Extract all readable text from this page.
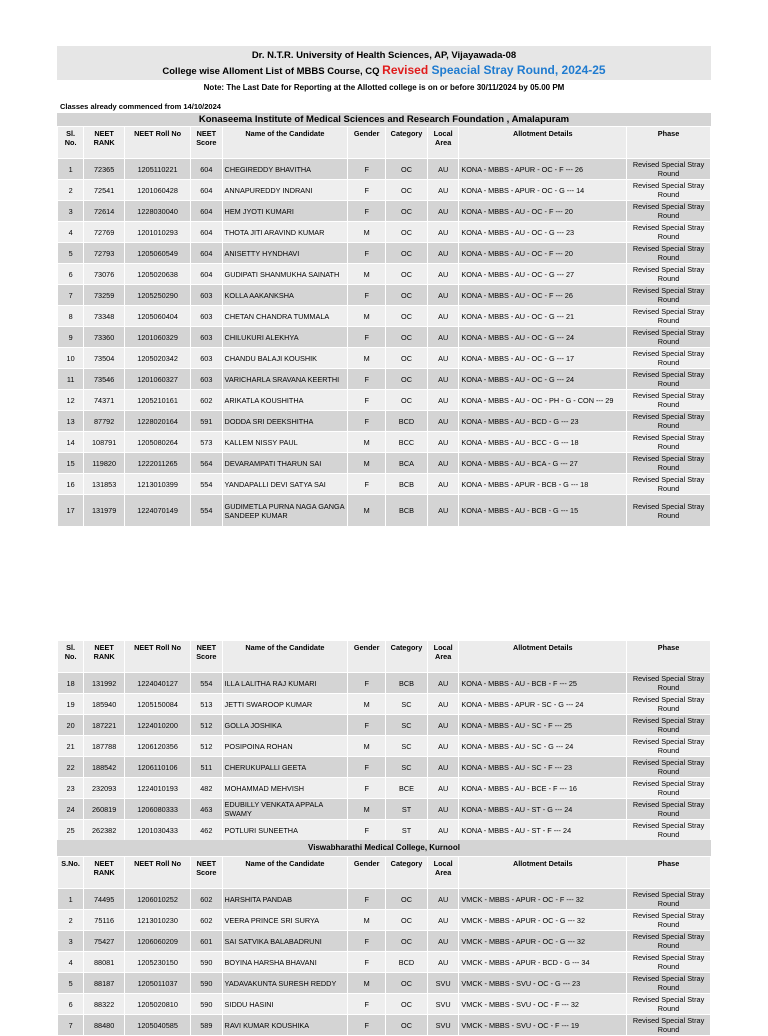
Dr. N.T.R. University of Health Sciences, AP, Vijayawada-08
College wise Alloment List of MBBS Course, CQ Revised Speacial Stray Round, 2024-25
Note: The Last Date for Reporting at the Allotted college is on or before 30/11/2024 by 05.00 PM
Classes already commenced from 14/10/2024
Konaseema Institute of Medical Sciences and Research Foundation , Amalapuram
Sl. No.	NEET RANK	NEET Roll No	NEET Score	Name of the Candidate	Gender	Category	Local Area	Allotment Details	Phase
1	72365	1205110221	604	CHEGIREDDY BHAVITHA	F	OC	AU	KONA - MBBS - APUR - OC - F --- 26	Revised Special Stray Round
2	72541	1201060428	604	ANNAPUREDDY INDRANI	F	OC	AU	KONA - MBBS - APUR - OC - G --- 14	Revised Special Stray Round
3	72614	1228030040	604	HEM JYOTI KUMARI	F	OC	AU	KONA - MBBS - AU - OC - F --- 20	Revised Special Stray Round
4	72769	1201010293	604	THOTA JITI ARAVIND KUMAR	M	OC	AU	KONA - MBBS - AU - OC - G --- 23	Revised Special Stray Round
5	72793	1205060549	604	ANISETTY HYNDHAVI	F	OC	AU	KONA - MBBS - AU - OC - F --- 20	Revised Special Stray Round
6	73076	1205020638	604	GUDIPATI SHANMUKHA SAINATH	M	OC	AU	KONA - MBBS - AU - OC - G --- 27	Revised Special Stray Round
7	73259	1205250290	603	KOLLA AAKANKSHA	F	OC	AU	KONA - MBBS - AU - OC - F --- 26	Revised Special Stray Round
8	73348	1205060404	603	CHETAN CHANDRA TUMMALA	M	OC	AU	KONA - MBBS - AU - OC - G --- 21	Revised Special Stray Round
9	73360	1201060329	603	CHILUKURI ALEKHYA	F	OC	AU	KONA - MBBS - AU - OC - G --- 24	Revised Special Stray Round
10	73504	1205020342	603	CHANDU BALAJI KOUSHIK	M	OC	AU	KONA - MBBS - AU - OC - G --- 17	Revised Special Stray Round
11	73546	1201060327	603	VARICHARLA SRAVANA KEERTHI	F	OC	AU	KONA - MBBS - AU - OC - G --- 24	Revised Special Stray Round
12	74371	1205210161	602	ARIKATLA KOUSHITHA	F	OC	AU	KONA - MBBS - AU - OC - PH - G - CON --- 29	Revised Special Stray Round
13	87792	1228020164	591	DODDA SRI DEEKSHITHA	F	BCD	AU	KONA - MBBS - AU - BCD - G --- 23	Revised Special Stray Round
14	108791	1205080264	573	KALLEM NISSY PAUL	M	BCC	AU	KONA - MBBS - AU - BCC - G --- 18	Revised Special Stray Round
15	119820	1222011265	564	DEVARAMPATI THARUN SAI	M	BCA	AU	KONA - MBBS - AU - BCA - G --- 27	Revised Special Stray Round
16	131853	1213010399	554	YANDAPALLI DEVI SATYA SAI	F	BCB	AU	KONA - MBBS - APUR - BCB - G --- 18	Revised Special Stray Round
17	131979	1224070149	554	GUDIMETLA PURNA NAGA GANGA SANDEEP KUMAR	M	BCB	AU	KONA - MBBS - AU - BCB - G --- 15	Revised Special Stray Round
Sl. No.	NEET RANK	NEET Roll No	NEET Score	Name of the Candidate	Gender	Category	Local Area	Allotment Details	Phase
18	131992	1224040127	554	ILLA LALITHA RAJ KUMARI	F	BCB	AU	KONA - MBBS - AU - BCB - F --- 25	Revised Special Stray Round
19	185940	1205150084	513	JETTI SWAROOP KUMAR	M	SC	AU	KONA - MBBS - APUR - SC - G --- 24	Revised Special Stray Round
20	187221	1224010200	512	GOLLA JOSHIKA	F	SC	AU	KONA - MBBS - AU - SC - F --- 25	Revised Special Stray Round
21	187788	1206120356	512	POSIPOINA ROHAN	M	SC	AU	KONA - MBBS - AU - SC - G --- 24	Revised Special Stray Round
22	188542	1206110106	511	CHERUKUPALLI GEETA	F	SC	AU	KONA - MBBS - AU - SC - F --- 23	Revised Special Stray Round
23	232093	1224010193	482	MOHAMMAD MEHVISH	F	BCE	AU	KONA - MBBS - AU - BCE - F --- 16	Revised Special Stray Round
24	260819	1206080333	463	EDUBILLY VENKATA APPALA SWAMY	M	ST	AU	KONA - MBBS - AU - ST - G --- 24	Revised Special Stray Round
25	262382	1201030433	462	POTLURI SUNEETHA	F	ST	AU	KONA - MBBS - AU - ST - F --- 24	Revised Special Stray Round
Viswabharathi Medical College, Kurnool
S.No.	NEET RANK	NEET Roll No	NEET Score	Name of the Candidate	Gender	Category	Local Area	Allotment Details	Phase
1	74495	1206010252	602	HARSHITA PANDAB	F	OC	AU	VMCK - MBBS - APUR - OC - F --- 32	Revised Special Stray Round
2	75116	1213010230	602	VEERA PRINCE SRI SURYA	M	OC	AU	VMCK - MBBS - APUR - OC - G --- 32	Revised Special Stray Round
3	75427	1206060209	601	SAI SATVIKA BALABADRUNI	F	OC	AU	VMCK - MBBS - APUR - OC - G --- 32	Revised Special Stray Round
4	88081	1205230150	590	BOYINA HARSHA BHAVANI	F	BCD	AU	VMCK - MBBS - APUR - BCD - G --- 34	Revised Special Stray Round
5	88187	1205011037	590	YADAVAKUNTA SURESH REDDY	M	OC	SVU	VMCK - MBBS - SVU - OC - G --- 23	Revised Special Stray Round
6	88322	1205020810	590	SIDDU HASINI	F	OC	SVU	VMCK - MBBS - SVU - OC - F --- 32	Revised Special Stray Round
7	88480	1205040585	589	RAVI KUMAR KOUSHIKA	F	OC	SVU	VMCK - MBBS - SVU - OC - F --- 19	Revised Special Stray Round
